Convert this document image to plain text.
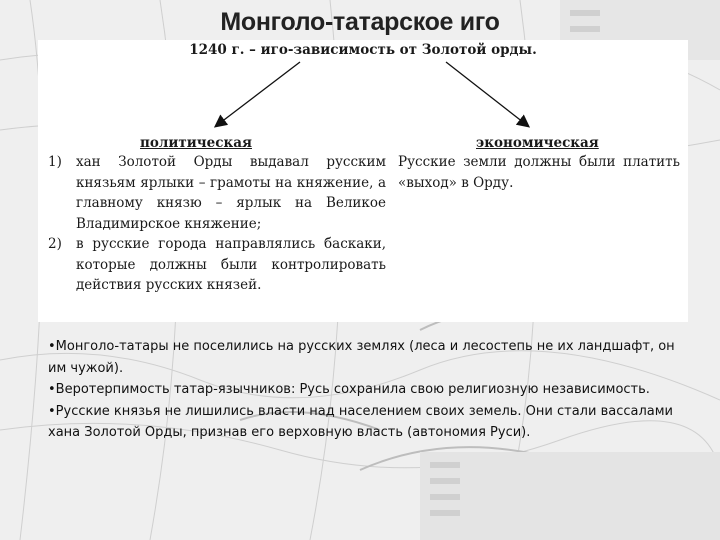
Монголо-татарское иго
1240 г. – иго-зависимость от Золотой орды.
политическая	экономическая
1) хан Золотой Орды выдавал русским князьям ярлыки – грамоты на княжение, а главному князю – ярлык на Великое Владимирское княжение;
2) в русские города направлялись баскаки, которые должны были контролировать действия русских князей.
Русские земли должны были платить «выход» в Орду.

•Монголо-татары не поселились на русских землях (леса и лесостепь не их ландшафт, он им чужой).

•Веротерпимость татар-язычников: Русь сохранила свою религиозную независимость.

•Русские князья не лишились власти над населением своих земель. Они стали вассалами хана Золотой Орды, признав его верховную власть (автономия Руси).
